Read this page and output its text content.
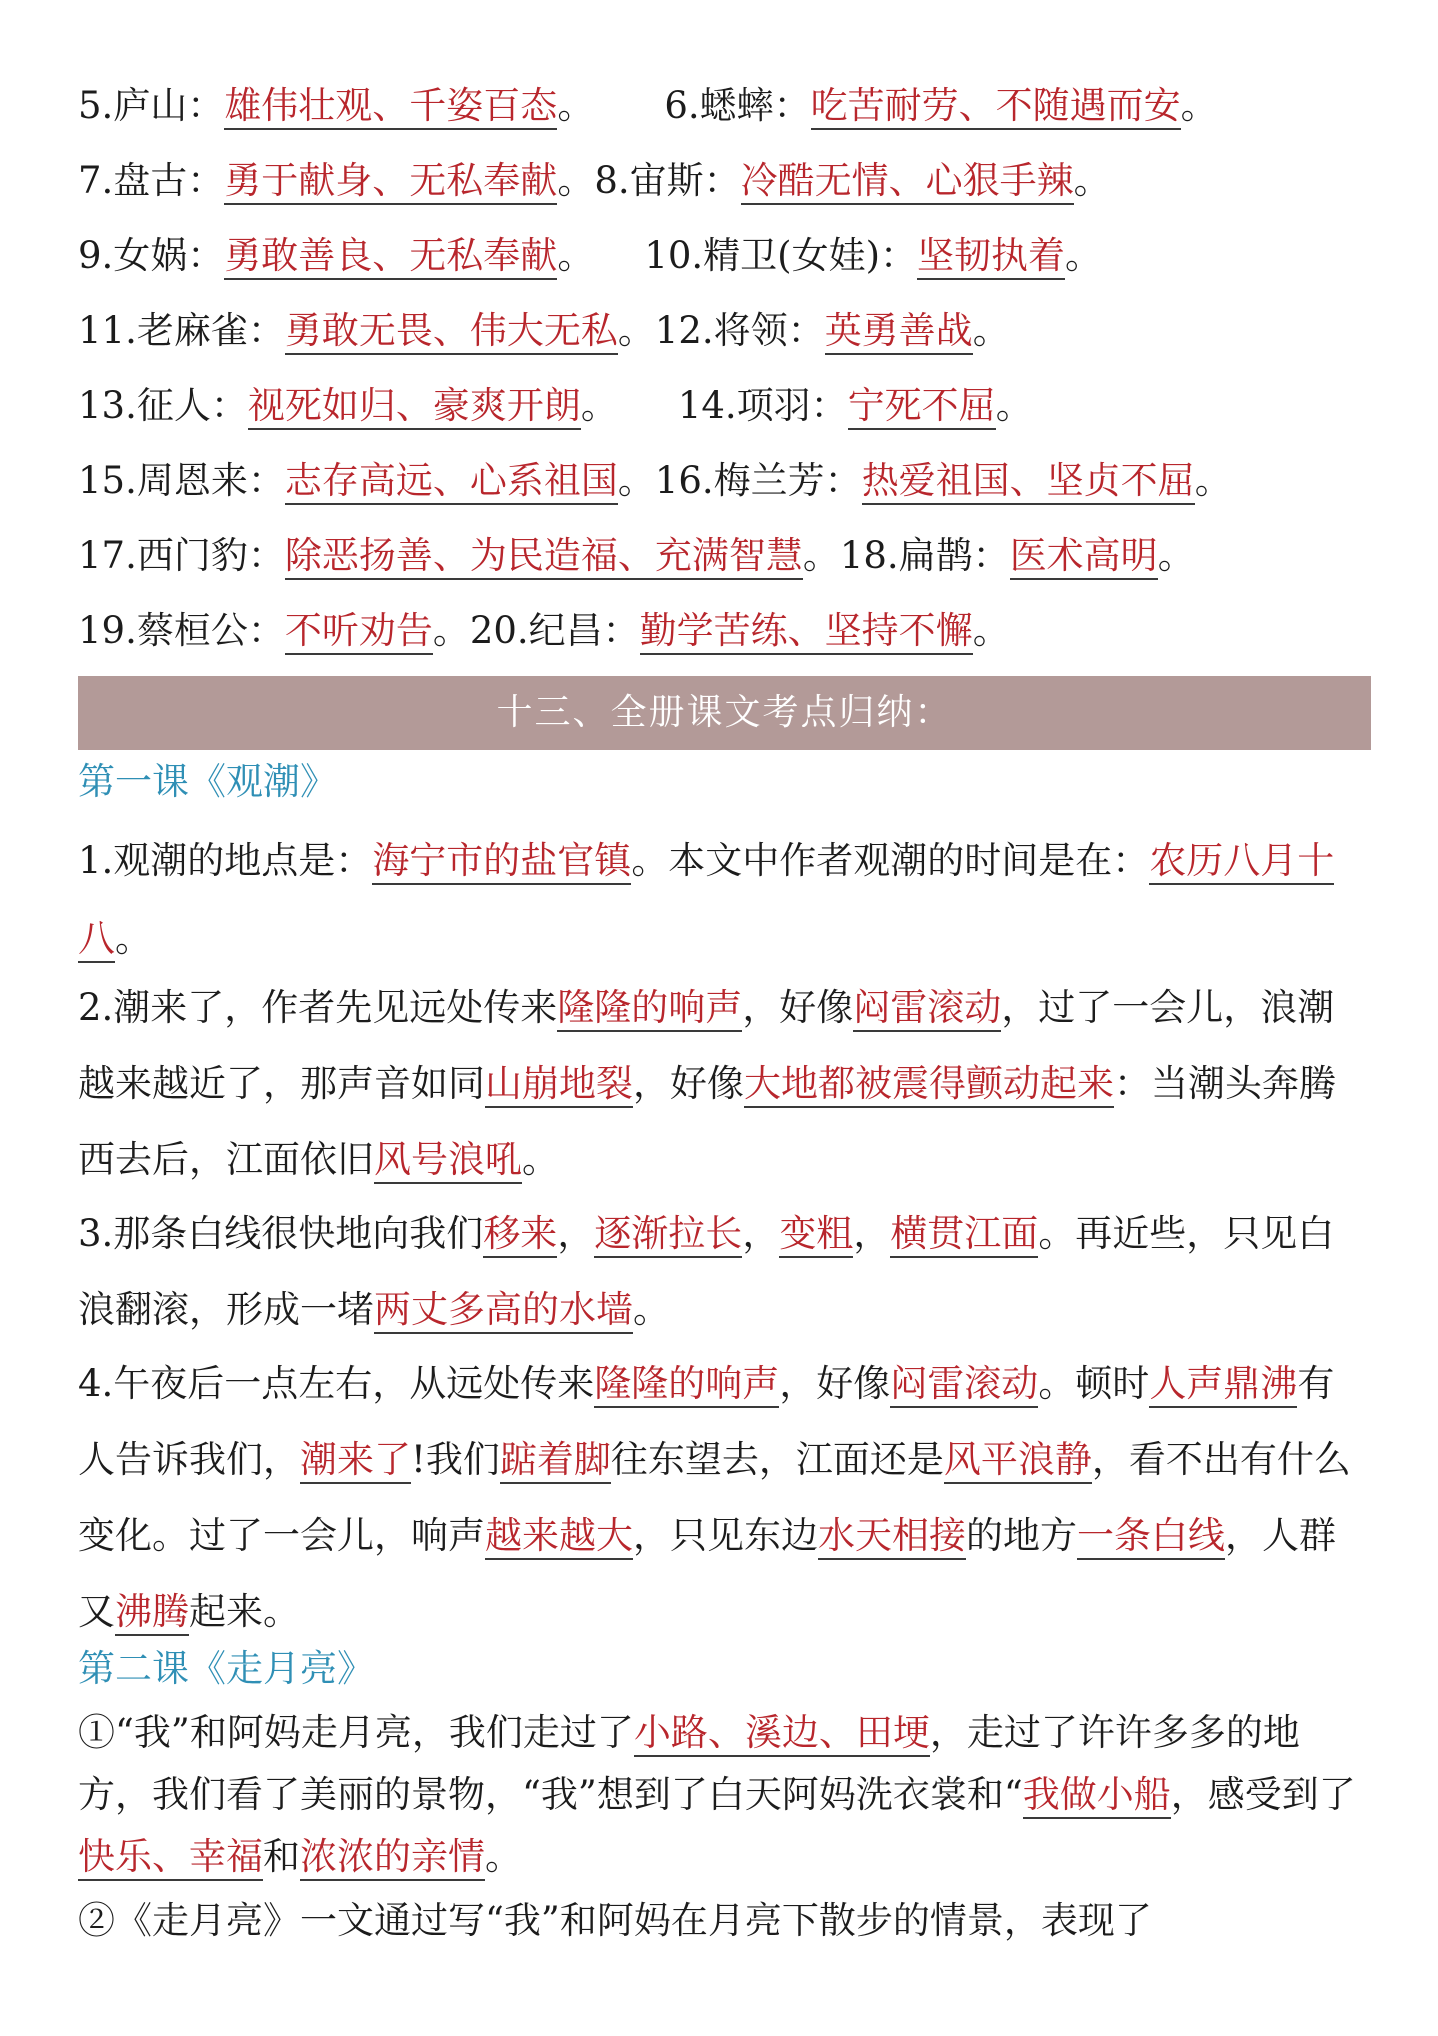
5.庐山：雄伟壮观、千姿百态。 6.蟋蟀：吃苦耐劳、不随遇而安。
7.盘古：勇于献身、无私奉献。8.宙斯：冷酷无情、心狠手辣。
9.女娲：勇敢善良、无私奉献。 10.精卫(女娃)：坚韧执着。
11.老麻雀：勇敢无畏、伟大无私。12.将领：英勇善战。
13.征人：视死如归、豪爽开朗。 14.项羽：宁死不屈。
15.周恩来：志存高远、心系祖国。16.梅兰芳：热爱祖国、坚贞不屈。
17.西门豹：除恶扬善、为民造福、充满智慧。18.扁鹊：医术高明。
19.蔡桓公：不听劝告。20.纪昌：勤学苦练、坚持不懈。
十三、全册课文考点归纳：
第一课《观潮》
1.观潮的地点是：海宁市的盐官镇。本文中作者观潮的时间是在：农历八月十八。
2.潮来了，作者先见远处传来隆隆的响声，好像闷雷滚动，过了一会儿，浪潮越来越近了，那声音如同山崩地裂，好像大地都被震得颤动起来：当潮头奔腾西去后，江面依旧风号浪吼。
3.那条白线很快地向我们移来，逐渐拉长，变粗，横贯江面。再近些，只见白浪翻滚，形成一堵两丈多高的水墙。
4.午夜后一点左右，从远处传来隆隆的响声，好像闷雷滚动。顿时人声鼎沸有人告诉我们，潮来了!我们踮着脚往东望去，江面还是风平浪静，看不出有什么变化。过了一会儿，响声越来越大，只见东边水天相接的地方一条白线，人群又沸腾起来。
第二课《走月亮》
①“我”和阿妈走月亮，我们走过了小路、溪边、田埂，走过了许许多多的地方，我们看了美丽的景物，“我”想到了白天阿妈洗衣裳和“我做小船，感受到了快乐、幸福和浓浓的亲情。
②《走月亮》一文通过写“我”和阿妈在月亮下散步的情景，表现了
